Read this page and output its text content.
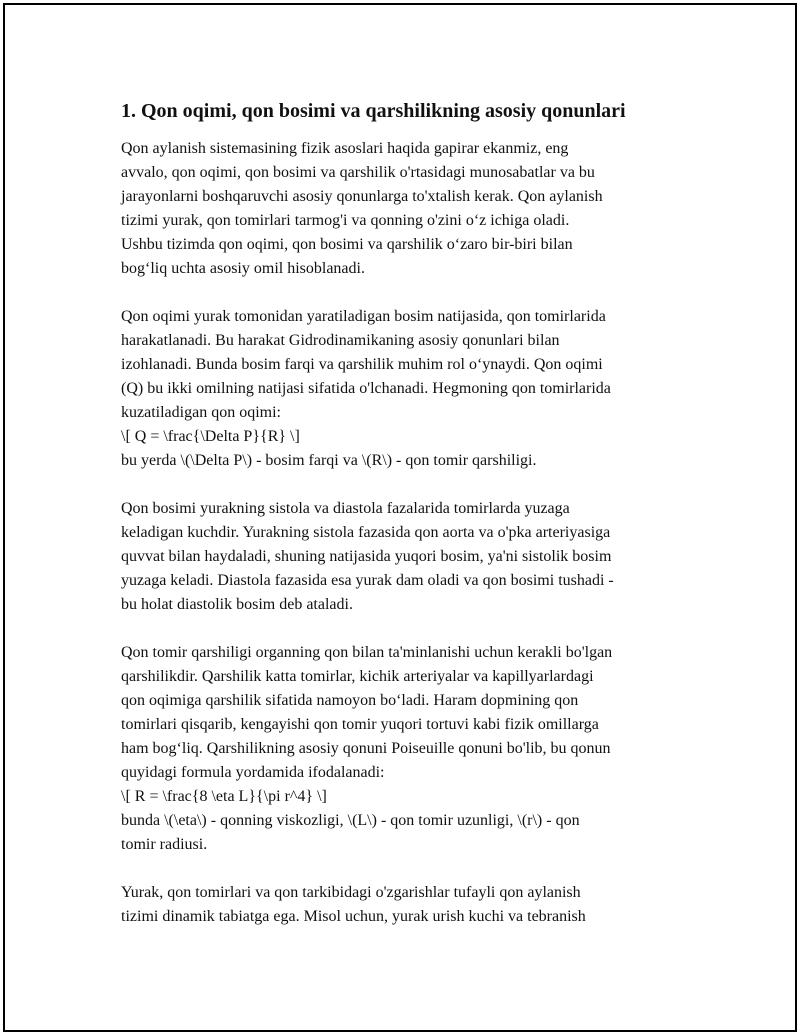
1. Qon oqimi, qon bosimi va qarshilikning asosiy qonunlari

Qon aylanish sistemasining fizik asoslari haqida gapirar ekanmiz, eng
avvalo, qon oqimi, qon bosimi va qarshilik o'rtasidagi munosabatlar va bu
jarayonlarni boshqaruvchi asosiy qonunlarga to'xtalish kerak. Qon aylanish
tizimi yurak, qon tomirlari tarmog'i va qonning o'zini o‘z ichiga oladi.
Ushbu tizimda qon oqimi, qon bosimi va qarshilik o‘zaro bir-biri bilan
bog‘liq uchta asosiy omil hisoblanadi.

Qon oqimi yurak tomonidan yaratiladigan bosim natijasida, qon tomirlarida
harakatlanadi. Bu harakat Gidrodinamikaning asosiy qonunlari bilan
izohlanadi. Bunda bosim farqi va qarshilik muhim rol o‘ynaydi. Qon oqimi
(Q) bu ikki omilning natijasi sifatida o'lchanadi. Hegmoning qon tomirlarida
kuzatiladigan qon oqimi:
\[ Q = \frac{\Delta P}{R} \]
bu yerda \(\Delta P\) - bosim farqi va \(R\) - qon tomir qarshiligi.

Qon bosimi yurakning sistola va diastola fazalarida tomirlarda yuzaga
keladigan kuchdir. Yurakning sistola fazasida qon aorta va o'pka arteriyasiga
quvvat bilan haydaladi, shuning natijasida yuqori bosim, ya'ni sistolik bosim
yuzaga keladi. Diastola fazasida esa yurak dam oladi va qon bosimi tushadi -
bu holat diastolik bosim deb ataladi.

Qon tomir qarshiligi organning qon bilan ta'minlanishi uchun kerakli bo'lgan
qarshilikdir. Qarshilik katta tomirlar, kichik arteriyalar va kapillyarlardagi
qon oqimiga qarshilik sifatida namoyon bo‘ladi. Haram dopmining qon
tomirlari qisqarib, kengayishi qon tomir yuqori tortuvi kabi fizik omillarga
ham bog‘liq. Qarshilikning asosiy qonuni Poiseuille qonuni bo'lib, bu qonun
quyidagi formula yordamida ifodalanadi:
\[ R = \frac{8 \eta L}{\pi r^4} \]
bunda \(\eta\) - qonning viskozligi, \(L\) - qon tomir uzunligi, \(r\) - qon
tomir radiusi.

Yurak, qon tomirlari va qon tarkibidagi o'zgarishlar tufayli qon aylanish
tizimi dinamik tabiatga ega. Misol uchun, yurak urish kuchi va tebranish
